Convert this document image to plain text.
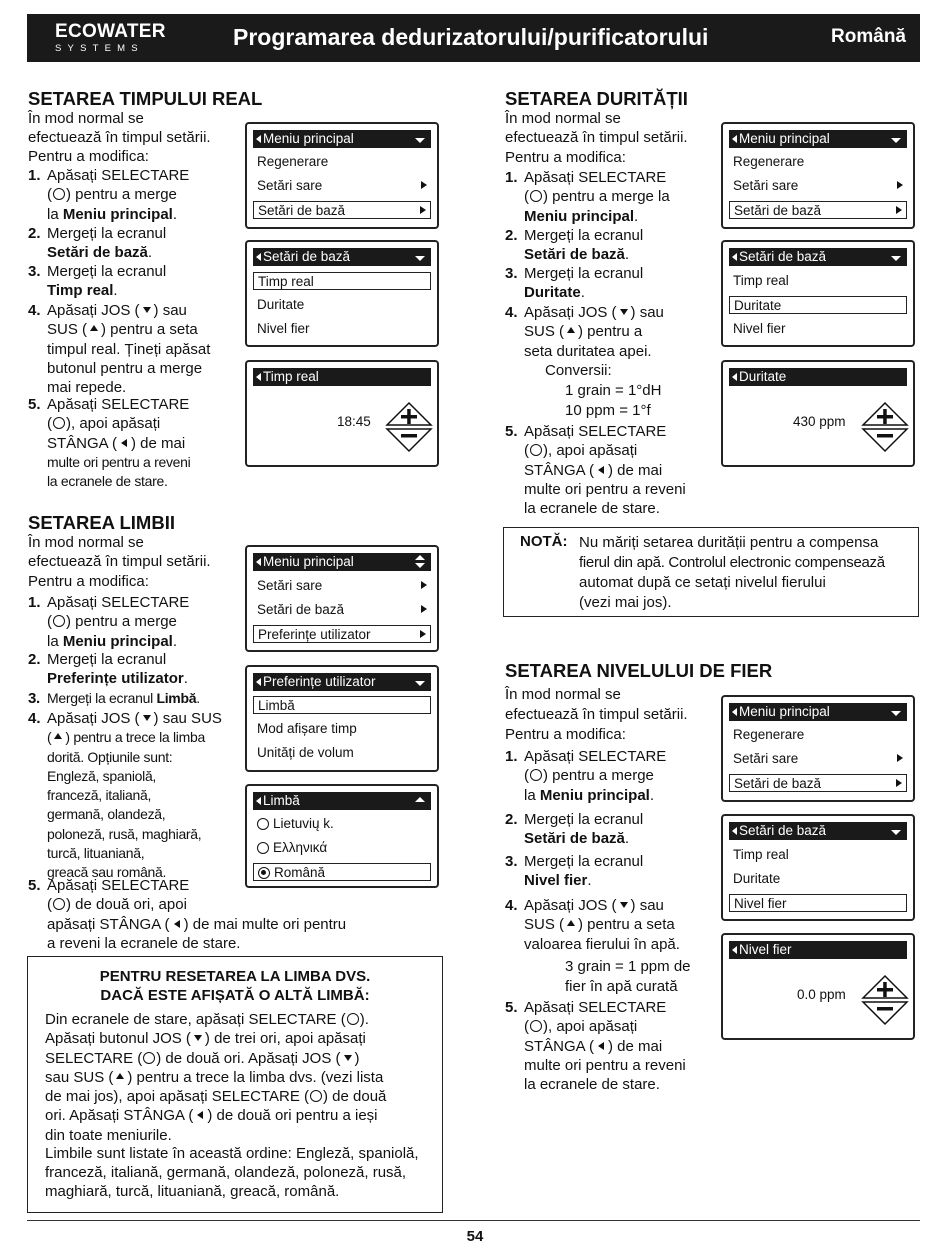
ECOWATER
SYSTEMS	Programarea dedurizatorului/purificatorului	Română
SETAREA TIMPULUI REAL
În mod normal se
efectuează în timpul setării.
Pentru a modifica:
1. Apăsați SELECTARE
( ) pentru a merge
la Meniu principal.
2. Mergeți la ecranul
Setări de bază.
3. Mergeți la ecranul
Timp real.
4. Apăsați JOS ( ) sau
SUS ( ) pentru a seta
timpul real. Țineți apăsat
butonul pentru a merge
mai repede.
5. Apăsați SELECTARE
( ), apoi apăsați
STÂNGA ( ) de mai
multe ori pentru a reveni
la ecranele de stare.
Meniu principal
Regenerare
Setări sare
Setări de bază
Setări de bază
Timp real
Duritate
Nivel fier
Timp real
18:45
SETAREA DURITĂȚII
În mod normal se
efectuează în timpul setării.
Pentru a modifica:
1. Apăsați SELECTARE
( ) pentru a merge la
Meniu principal.
2. Mergeți la ecranul
Setări de bază.
3. Mergeți la ecranul
Duritate.
4. Apăsați JOS ( ) sau
SUS ( ) pentru a
seta duritatea apei.
Conversii:
1 grain = 1°dH
10 ppm = 1°f
5. Apăsați SELECTARE
( ), apoi apăsați
STÂNGA ( ) de mai
multe ori pentru a reveni
la ecranele de stare.
Meniu principal
Regenerare
Setări sare
Setări de bază
Setări de bază
Timp real
Duritate
Nivel fier
Duritate
430 ppm
NOTĂ: Nu măriți setarea durității pentru a compensa
fierul din apă. Controlul electronic compensează
automat după ce setați nivelul fierului
(vezi mai jos).
SETAREA LIMBII
În mod normal se
efectuează în timpul setării.
Pentru a modifica:
1. Apăsați SELECTARE
( ) pentru a merge
la Meniu principal.
2. Mergeți la ecranul
Preferințe utilizator.
3. Mergeți la ecranul Limbă.
4. Apăsați JOS ( ) sau SUS
( ) pentru a trece la limba
dorită. Opțiunile sunt:
Engleză, spaniolă,
franceză, italiană,
germană, olandeză,
poloneză, rusă, maghiară,
turcă, lituaniană,
greacă sau română.
5. Apăsați SELECTARE
( ) de două ori, apoi
apăsați STÂNGA ( ) de mai multe ori pentru
a reveni la ecranele de stare.
Meniu principal
Setări sare
Setări de bază
Preferințe utilizator
Preferințe utilizator
Limbă
Mod afișare timp
Unități de volum
Limbă
Lietuvių k.
Ελληνικά
Română
PENTRU RESETAREA LA LIMBA DVS.
DACĂ ESTE AFIȘATĂ O ALTĂ LIMBĂ:
Din ecranele de stare, apăsați SELECTARE ( ).
Apăsați butonul JOS ( ) de trei ori, apoi apăsați
SELECTARE ( ) de două ori. Apăsați JOS ( )
sau SUS ( ) pentru a trece la limba dvs. (vezi lista
de mai jos), apoi apăsați SELECTARE ( ) de două
ori. Apăsați STÂNGA ( ) de două ori pentru a ieși
din toate meniurile.
Limbile sunt listate în această ordine: Engleză, spaniolă,
franceză, italiană, germană, olandeză, poloneză, rusă,
maghiară, turcă, lituaniană, greacă, română.
SETAREA NIVELULUI DE FIER
În mod normal se
efectuează în timpul setării.
Pentru a modifica:
1. Apăsați SELECTARE
( ) pentru a merge
la Meniu principal.
2. Mergeți la ecranul
Setări de bază.
3. Mergeți la ecranul
Nivel fier.
4. Apăsați JOS ( ) sau
SUS ( ) pentru a seta
valoarea fierului în apă.
3 grain = 1 ppm de
fier în apă curată
5. Apăsați SELECTARE
( ), apoi apăsați
STÂNGA ( ) de mai
multe ori pentru a reveni
la ecranele de stare.
Meniu principal
Regenerare
Setări sare
Setări de bază
Setări de bază
Timp real
Duritate
Nivel fier
Nivel fier
0.0 ppm
54
